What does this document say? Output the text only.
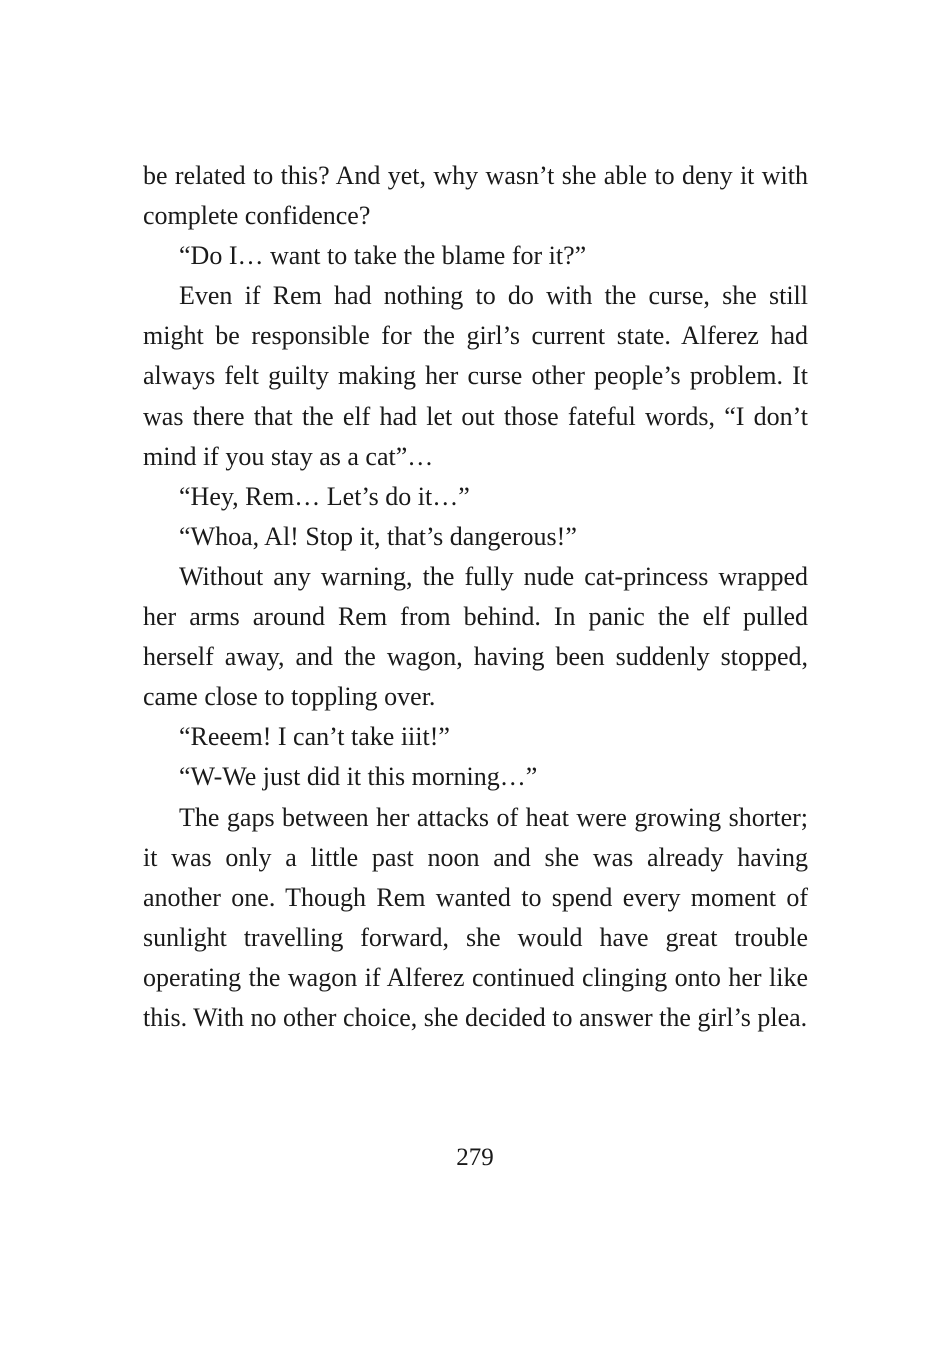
be related to this? And yet, why wasn’t she able to deny it with complete confidence?

“Do I… want to take the blame for it?”

Even if Rem had nothing to do with the curse, she still might be responsible for the girl’s current state. Alferez had always felt guilty making her curse other people’s problem. It was there that the elf had let out those fateful words, “I don’t mind if you stay as a cat”…

“Hey, Rem… Let’s do it…”

“Whoa, Al! Stop it, that’s dangerous!”

Without any warning, the fully nude cat-princess wrapped her arms around Rem from behind. In panic the elf pulled herself away, and the wagon, having been suddenly stopped, came close to toppling over.

“Reeem! I can’t take iiit!”

“W-We just did it this morning…”

The gaps between her attacks of heat were growing shorter; it was only a little past noon and she was already having another one. Though Rem wanted to spend every moment of sunlight travelling forward, she would have great trouble operating the wagon if Alferez continued clinging onto her like this. With no other choice, she decided to answer the girl’s plea.

279
